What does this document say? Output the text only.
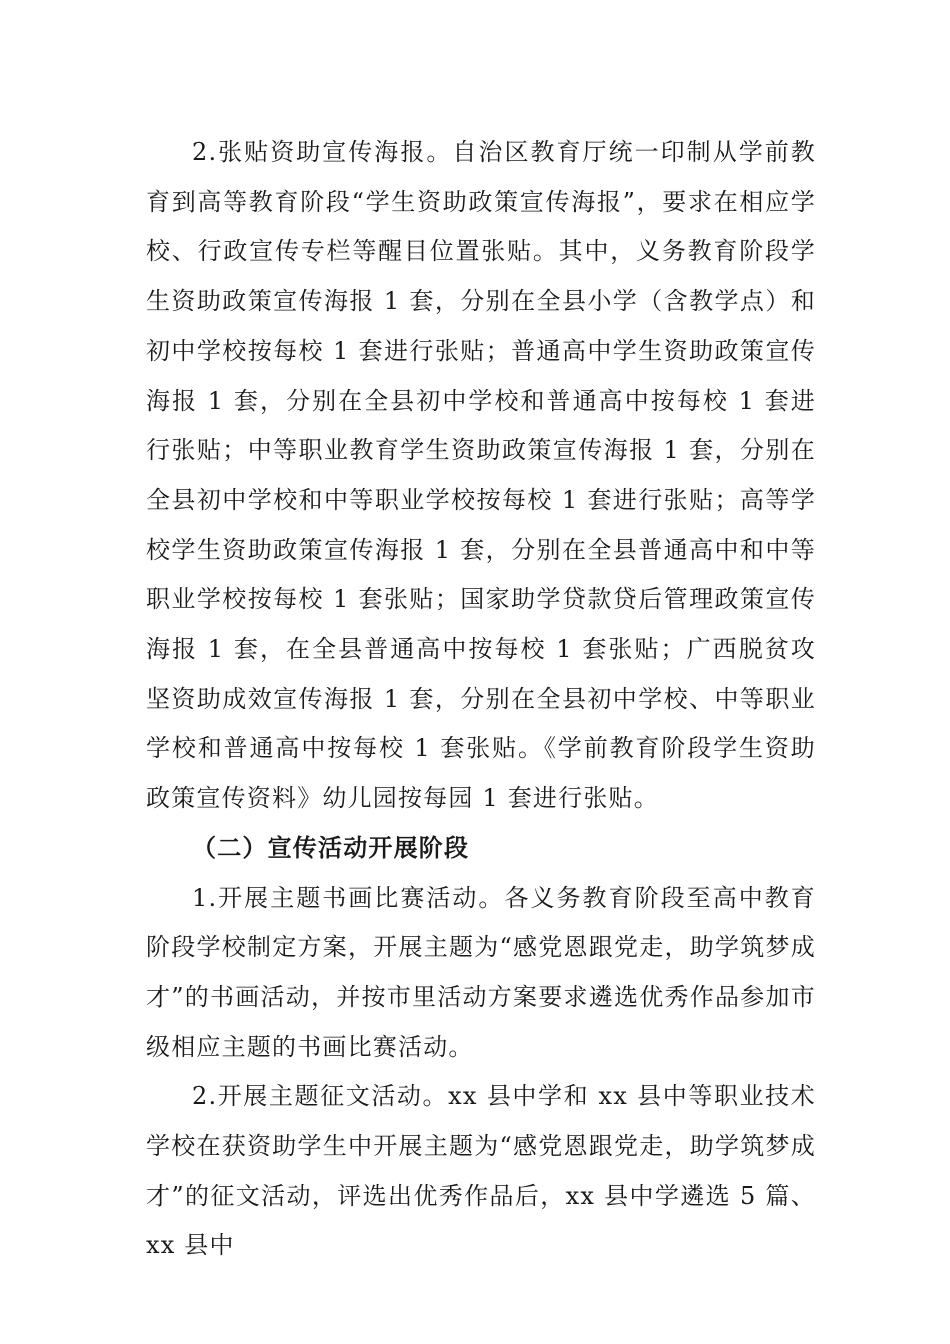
2.张贴资助宣传海报。自治区教育厅统一印制从学前教育到高等教育阶段“学生资助政策宣传海报”，要求在相应学校、行政宣传专栏等醒目位置张贴。其中，义务教育阶段学生资助政策宣传海报 1 套，分别在全县小学（含教学点）和初中学校按每校 1 套进行张贴；普通高中学生资助政策宣传海报 1 套，分别在全县初中学校和普通高中按每校 1 套进行张贴；中等职业教育学生资助政策宣传海报 1 套，分别在全县初中学校和中等职业学校按每校 1 套进行张贴；高等学校学生资助政策宣传海报 1 套，分别在全县普通高中和中等职业学校按每校 1 套张贴；国家助学贷款贷后管理政策宣传海报 1 套，在全县普通高中按每校 1 套张贴；广西脱贫攻坚资助成效宣传海报 1 套，分别在全县初中学校、中等职业学校和普通高中按每校 1 套张贴。《学前教育阶段学生资助政策宣传资料》幼儿园按每园 1 套进行张贴。

（二）宣传活动开展阶段

1.开展主题书画比赛活动。各义务教育阶段至高中教育阶段学校制定方案，开展主题为“感党恩跟党走，助学筑梦成才”的书画活动，并按市里活动方案要求遴选优秀作品参加市级相应主题的书画比赛活动。

2.开展主题征文活动。xx 县中学和 xx 县中等职业技术学校在获资助学生中开展主题为“感党恩跟党走，助学筑梦成才”的征文活动，评选出优秀作品后，xx 县中学遴选 5 篇、xx 县中
